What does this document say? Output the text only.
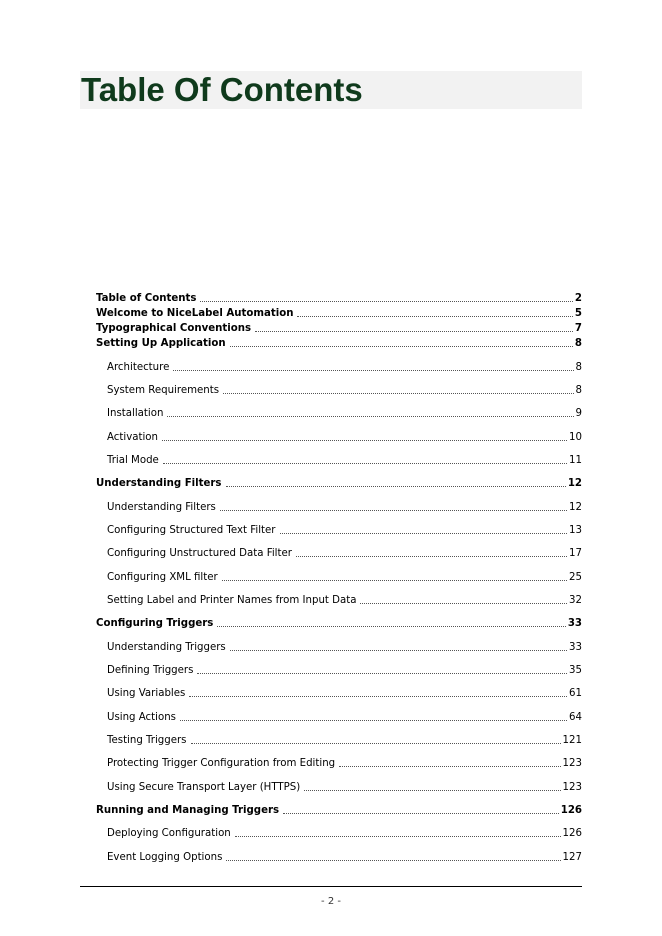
Table Of Contents
Table of Contents	2
Welcome to NiceLabel Automation	5
Typographical Conventions	7
Setting Up Application	8
Architecture	8
System Requirements	8
Installation	9
Activation	10
Trial Mode	11
Understanding Filters	12
Understanding Filters	12
Configuring Structured Text Filter	13
Configuring Unstructured Data Filter	17
Configuring XML filter	25
Setting Label and Printer Names from Input Data	32
Configuring Triggers	33
Understanding Triggers	33
Defining Triggers	35
Using Variables	61
Using Actions	64
Testing Triggers	121
Protecting Trigger Configuration from Editing	123
Using Secure Transport Layer (HTTPS)	123
Running and Managing Triggers	126
Deploying Configuration	126
Event Logging Options	127
- 2 -
